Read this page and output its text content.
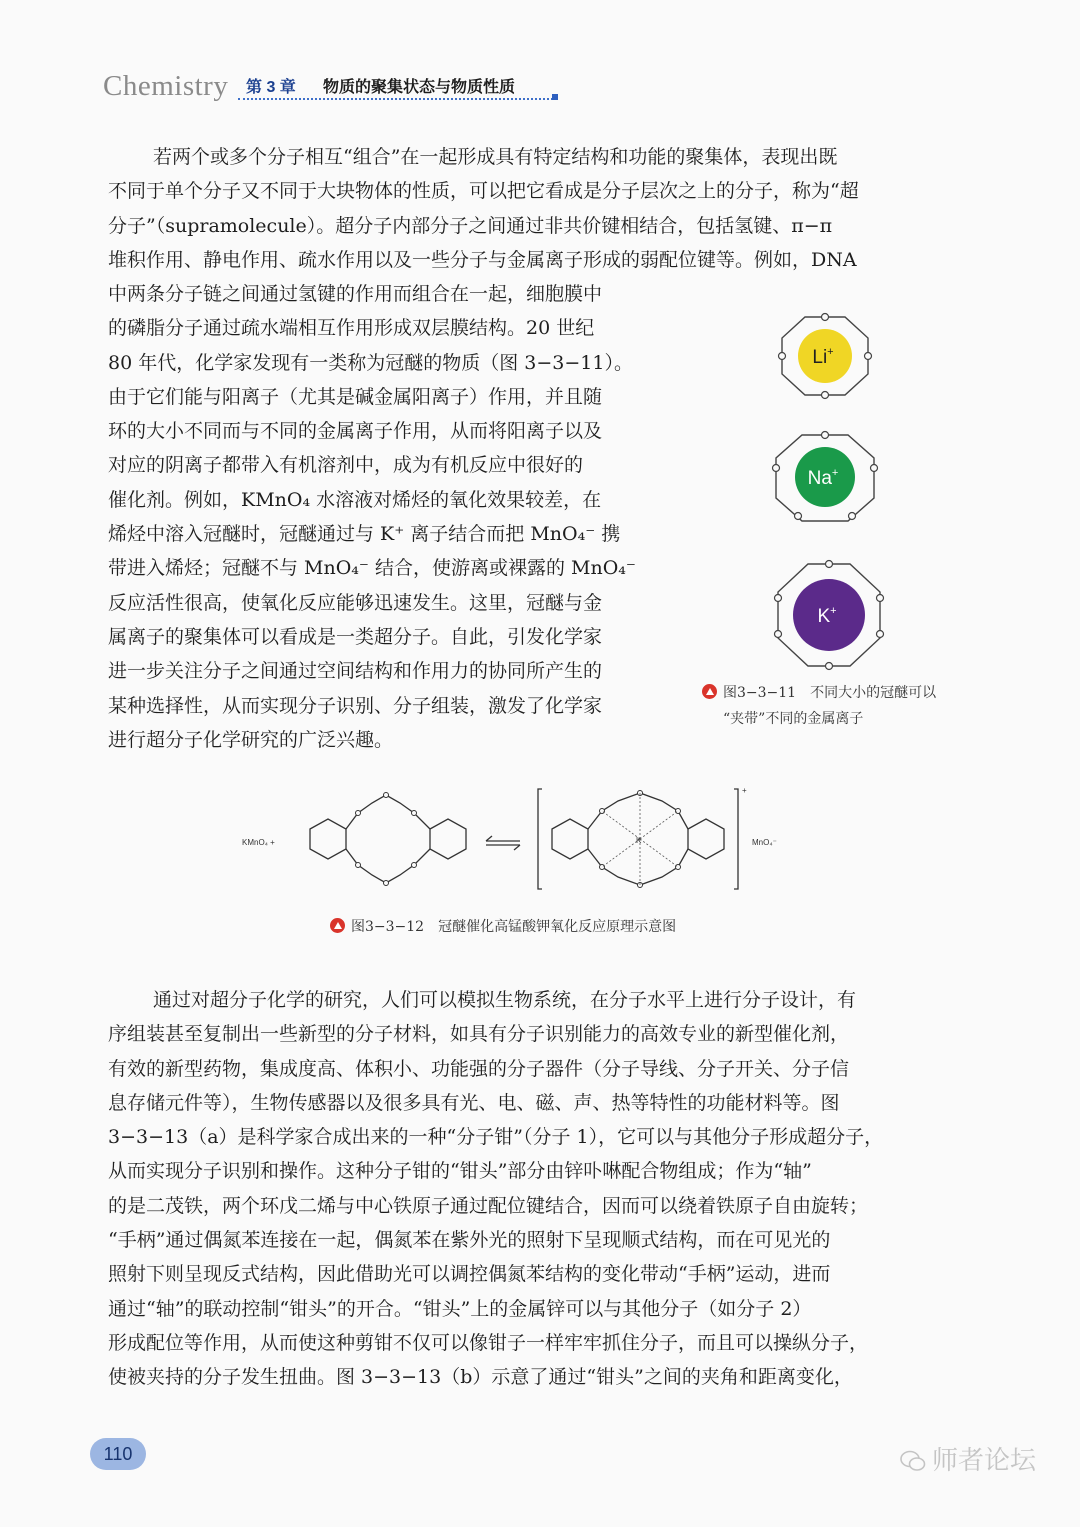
Chemistry 第 3 章 物质的聚集状态与物质性质
若两个或多个分子相互“组合”在一起形成具有特定结构和功能的聚集体，表现出既
不同于单个分子又不同于大块物体的性质，可以把它看成是分子层次之上的分子，称为“超
分子”（supramolecule）。超分子内部分子之间通过非共价键相结合，包括氢键、π−π
堆积作用、静电作用、疏水作用以及一些分子与金属离子形成的弱配位键等。例如，DNA
中两条分子链之间通过氢键的作用而组合在一起，细胞膜中
的磷脂分子通过疏水端相互作用形成双层膜结构。20 世纪
80 年代，化学家发现有一类称为冠醚的物质（图 3−3−11）。
由于它们能与阳离子（尤其是碱金属阳离子）作用，并且随
环的大小不同而与不同的金属离子作用，从而将阳离子以及
对应的阴离子都带入有机溶剂中，成为有机反应中很好的
催化剂。例如，KMnO₄ 水溶液对烯烃的氧化效果较差，在
烯烃中溶入冠醚时，冠醚通过与 K⁺ 离子结合而把 MnO₄⁻ 携
带进入烯烃；冠醚不与 MnO₄⁻ 结合，使游离或裸露的 MnO₄⁻
反应活性很高，使氧化反应能够迅速发生。这里，冠醚与金
属离子的聚集体可以看成是一类超分子。自此，引发化学家
进一步关注分子之间通过空间结构和作用力的协同所产生的
某种选择性，从而实现分子识别、分子组装，激发了化学家
进行超分子化学研究的广泛兴趣。
Li+
Na+
K+
图3−3−11　不同大小的冠醚可以
“夹带”不同的金属离子
KMnO₄ +	K
+
MnO₄⁻
图3−3−12　冠醚催化高锰酸钾氧化反应原理示意图
通过对超分子化学的研究，人们可以模拟生物系统，在分子水平上进行分子设计，有
序组装甚至复制出一些新型的分子材料，如具有分子识别能力的高效专业的新型催化剂，
有效的新型药物，集成度高、体积小、功能强的分子器件（分子导线、分子开关、分子信
息存储元件等），生物传感器以及很多具有光、电、磁、声、热等特性的功能材料等。图
3−3−13（a）是科学家合成出来的一种“分子钳”（分子 1），它可以与其他分子形成超分子，
从而实现分子识别和操作。这种分子钳的“钳头”部分由锌卟啉配合物组成；作为“轴”
的是二茂铁，两个环戊二烯与中心铁原子通过配位键结合，因而可以绕着铁原子自由旋转；
“手柄”通过偶氮苯连接在一起，偶氮苯在紫外光的照射下呈现顺式结构，而在可见光的
照射下则呈现反式结构，因此借助光可以调控偶氮苯结构的变化带动“手柄”运动，进而
通过“轴”的联动控制“钳头”的开合。“钳头”上的金属锌可以与其他分子（如分子 2）
形成配位等作用，从而使这种剪钳不仅可以像钳子一样牢牢抓住分子，而且可以操纵分子，
使被夹持的分子发生扭曲。图 3−3−13（b）示意了通过“钳头”之间的夹角和距离变化，
110	师者论坛
